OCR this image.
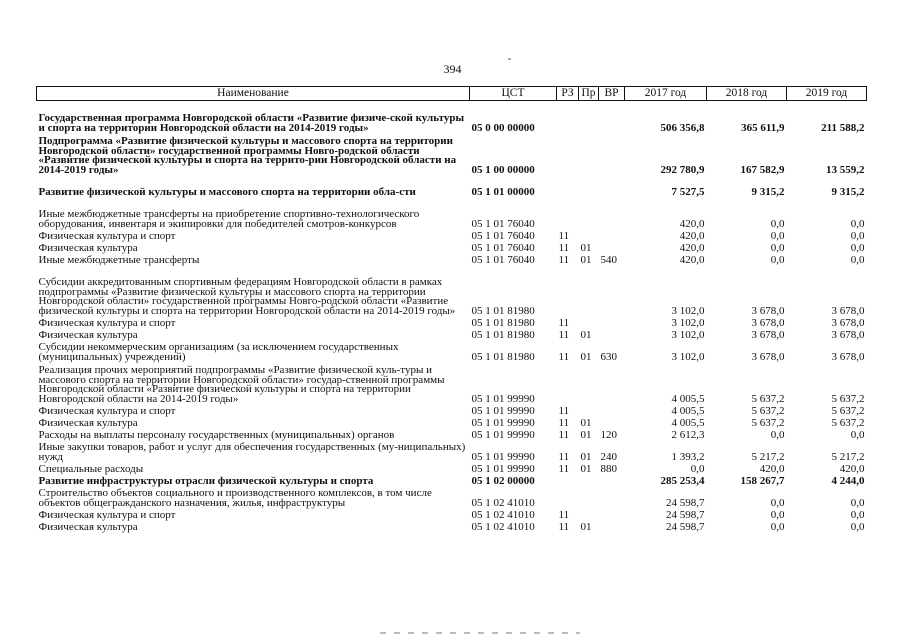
394
Наименование	ЦСТ	РЗ	Пр	ВР	2017 год	2018 год	2019 год
Государственная программа Новгородской области «Развитие физиче-ской культуры и спорта на территории Новгородской области на 2014-2019 годы»	05 0 00 00000				506 356,8	365 611,9	211 588,2
Подпрограмма «Развитие физической культуры и массового спорта на территории Новгородской области» государственной программы Новго-родской области «Развитие физической культуры и спорта на террито-рии Новгородской области на 2014-2019 годы»	05 1 00 00000				292 780,9	167 582,9	13 559,2
Развитие физической культуры и массового спорта на территории обла-сти	05 1 01 00000				7 527,5	9 315,2	9 315,2
Иные межбюджетные трансферты на приобретение спортивно-технологического оборудования, инвентаря и экипировки для победителей смотров-конкурсов	05 1 01 76040				420,0	0,0	0,0
Физическая культура и спорт	05 1 01 76040	11			420,0	0,0	0,0
Физическая культура	05 1 01 76040	11	01		420,0	0,0	0,0
Иные межбюджетные трансферты	05 1 01 76040	11	01	540	420,0	0,0	0,0
Субсидии аккредитованным спортивным федерациям Новгородской области в рамках подпрограммы «Развитие физической культуры и массового спорта на территории Новгородской области» государственной программы Новго-родской области «Развитие физической культуры и спорта на территории Новгородской области на 2014-2019 годы»	05 1 01 81980				3 102,0	3 678,0	3 678,0
Физическая культура и спорт	05 1 01 81980	11			3 102,0	3 678,0	3 678,0
Физическая культура	05 1 01 81980	11	01		3 102,0	3 678,0	3 678,0
Субсидии некоммерческим организациям (за исключением государственных (муниципальных) учреждений)	05 1 01 81980	11	01	630	3 102,0	3 678,0	3 678,0
Реализация прочих мероприятий подпрограммы «Развитие физической куль-туры и массового спорта на территории Новгородской области» государ-ственной программы Новгородской области «Развитие физической культуры и спорта на территории Новгородской области на 2014-2019 годы»	05 1 01 99990				4 005,5	5 637,2	5 637,2
Физическая культура и спорт	05 1 01 99990	11			4 005,5	5 637,2	5 637,2
Физическая культура	05 1 01 99990	11	01		4 005,5	5 637,2	5 637,2
Расходы на выплаты персоналу государственных (муниципальных) органов	05 1 01 99990	11	01	120	2 612,3	0,0	0,0
Иные закупки товаров, работ и услуг для обеспечения государственных (му-ниципальных) нужд	05 1 01 99990	11	01	240	1 393,2	5 217,2	5 217,2
Специальные расходы	05 1 01 99990	11	01	880	0,0	420,0	420,0
Развитие инфраструктуры отрасли физической культуры и спорта	05 1 02 00000				285 253,4	158 267,7	4 244,0
Строительство объектов социального и производственного комплексов, в том числе объектов общегражданского назначения, жилья, инфраструктуры	05 1 02 41010				24 598,7	0,0	0,0
Физическая культура и спорт	05 1 02 41010	11			24 598,7	0,0	0,0
Физическая культура	05 1 02 41010	11	01		24 598,7	0,0	0,0
